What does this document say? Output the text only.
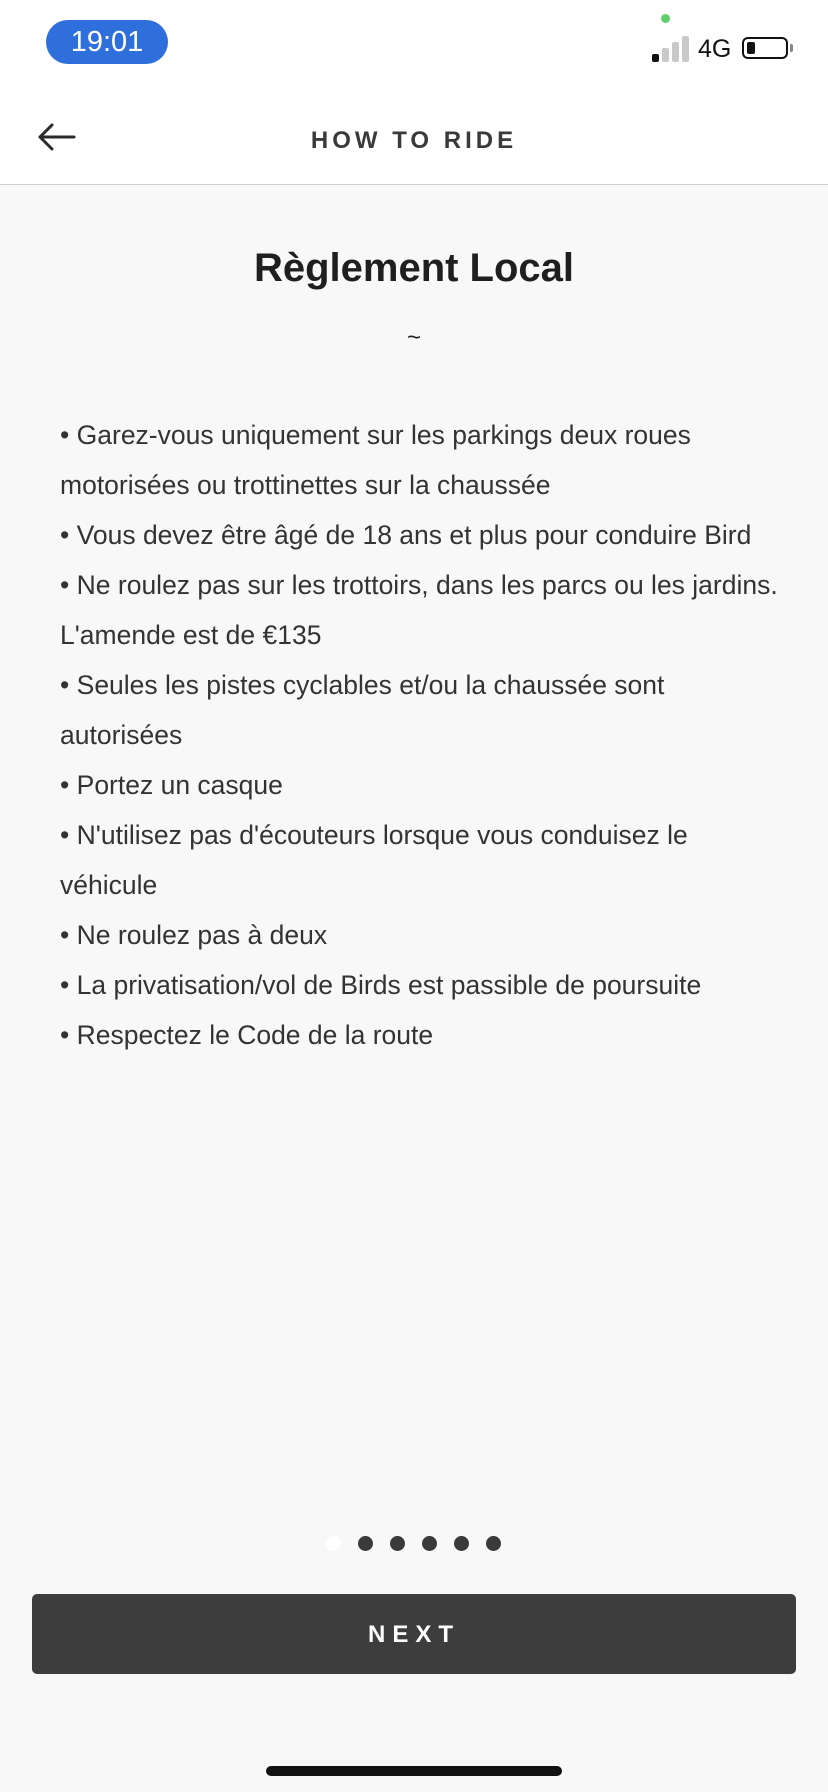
19:01	4G
HOW TO RIDE
Règlement Local
~
• Garez-vous uniquement sur les parkings deux roues motorisées ou trottinettes sur la chaussée
• Vous devez être âgé de 18 ans et plus pour conduire Bird
• Ne roulez pas sur les trottoirs, dans les parcs ou les jardins. L'amende est de €135
• Seules les pistes cyclables et/ou la chaussée sont autorisées
• Portez un casque
• N'utilisez pas d'écouteurs lorsque vous conduisez le véhicule
• Ne roulez pas à deux
• La privatisation/vol de Birds est passible de poursuite
• Respectez le Code de la route
NEXT
